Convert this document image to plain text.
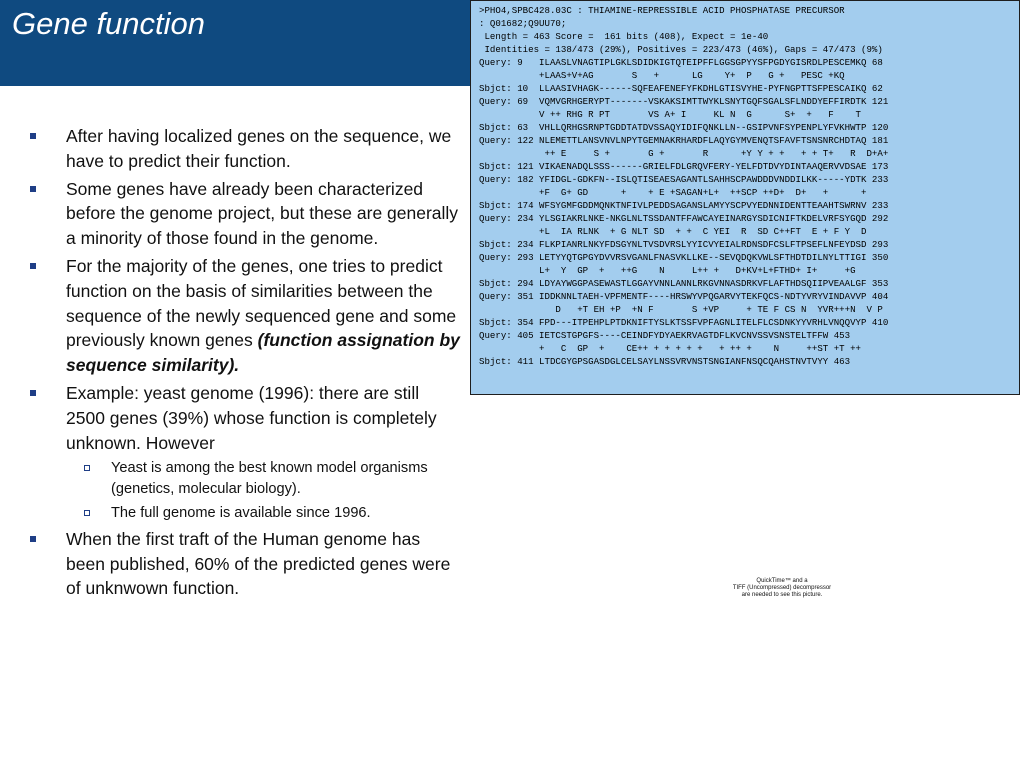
Gene function
After having localized genes on the sequence, we have to predict their function.
Some genes have already been characterized before the genome project, but these are generally a minority of those found in the genome.
For the majority of the genes, one tries to predict function on the basis of similarities between the sequence of the newly sequenced gene and some previously known genes (function assignation by sequence similarity).
Example: yeast genome (1996): there are still 2500 genes (39%) whose function is completely unknown. However
Yeast is among the best known model organisms (genetics, molecular biology).
The full genome is available since 1996.
When the first traft of the Human genome has been published, 60% of the predicted genes were of unknwown function.
>PHO4,SPBC428.03C : THIAMINE-REPRESSIBLE ACID PHOSPHATASE PRECURSOR
: Q01682;Q9UU70;
Length = 463 Score =  161 bits (408), Expect = 1e-40
Identities = 138/473 (29%), Positives = 223/473 (46%), Gaps = 47/473 (9%)
Query: 9   ILAASLVNAGTIPLGKLSDIDKIGTQTEIPFFLGGSGPYYSFPGDYGISRDLPESCEMKQ 68
+LAAS+V+AG       S   +      LG    Y+  P   G +   PESC +KQ
Sbjct: 10  LLAASIVHAGK------SQFEAFENEFYFKDHLGTISVYHE-PYFNGPTTSFPESCAIKQ 62
Query: 69  VQMVGRHGERYPT-------VSKAKSIMTTWYKLSNYTGQFSGALSFLNDDYEFFIRDTK 121
V ++ RHG R PT       VS A+ I     KL N  G      S+  +   F    T
Sbjct: 63  VHLLQRHGSRNPTGDDTATDVSSAQYIDIFQNKLLN--GSIPVNFSYPENPLYFVKHWTP 120
Query: 122 NLEMETTLANSVNVLNPYTGEMNAKRHARDFLAQYGYMVENQTSFAVFTSNSNRCHDTAQ 181
++ E     S +       G +       R      +Y Y + +   + + T+   R  D+A+
Sbjct: 121 VIKAENADQLSSS------GRIELFDLGRQVFERY-YELFDTDVYDINTAAQERVVDSAE 173
Query: 182 YFIDGL-GDKFN--ISLQTISEAESAGANTLSAHHSCPAWDDDVNDDILKK-----YDTK 233
+F  G+ GD      +    + E +SAGAN+L+  ++SCP ++D+  D+   +      +
Sbjct: 174 WFSYGMFGDDMQNKTNFIVLPEDDSAGANSLAMYYSCPVYEDNNIDENTTEAAHTSWRNV 233
Query: 234 YLSGIAKRLNKE-NKGLNLTSSDANTFFAWCAYEINARGYSDICNIFTKDELVRFSYGQD 292
+L  IA RLNK  + G NLT SD  + +  C YEI  R  SD C++FT  E + F Y  D
Sbjct: 234 FLKPIANRLNKYFDSGYNLTVSDVRSLYYICVYEIALRDNSDFCSLFTPSEFLNFEYDSD 293
Query: 293 LETYYQTGPGYDVVRSVGANLFNASVKLLKE--SEVQDQKVWLSFTHDTDILNYLTTIGI 350
L+  Y  GP  +   ++G    N     L++ +   D+KV+L+FTHD+ I+     +G
Sbjct: 294 LDYAYWGGPASEWASTLGGAYVNNLANNLRKGVNNASDRKVFLAFTHDSQIIPVEAALGF 353
Query: 351 IDDKNNLTAEH-VPFMENTF----HRSWYVPQGARVYTEKFQCS-NDTYVRYVINDAVVP 404
D   +T EH +P  +N F       S +VP     + TE F CS N  YVR+++N  V P
Sbjct: 354 FPD---ITPEHPLPTDKNIFTYSLKTSSFVPFAGNLITELFLCSDNKYYVRHLVNQQVYP 410
Query: 405 IETCSTGPGFS----CEINDFYDYAEKRVAGTDFLKVCNVSSVSNSTELTFFW 453
+   C  GP  +    CE++ + + + + +   + ++ +    N     ++ST +T ++
Sbjct: 411 LTDCGYGPSGASDGLCELSAYLNSSVRVNSTSNGIANFNSQCQAHSTNVTVYY 463

QuickTime™ and a
TIFF (Uncompressed) decompressor
are needed to see this picture.
